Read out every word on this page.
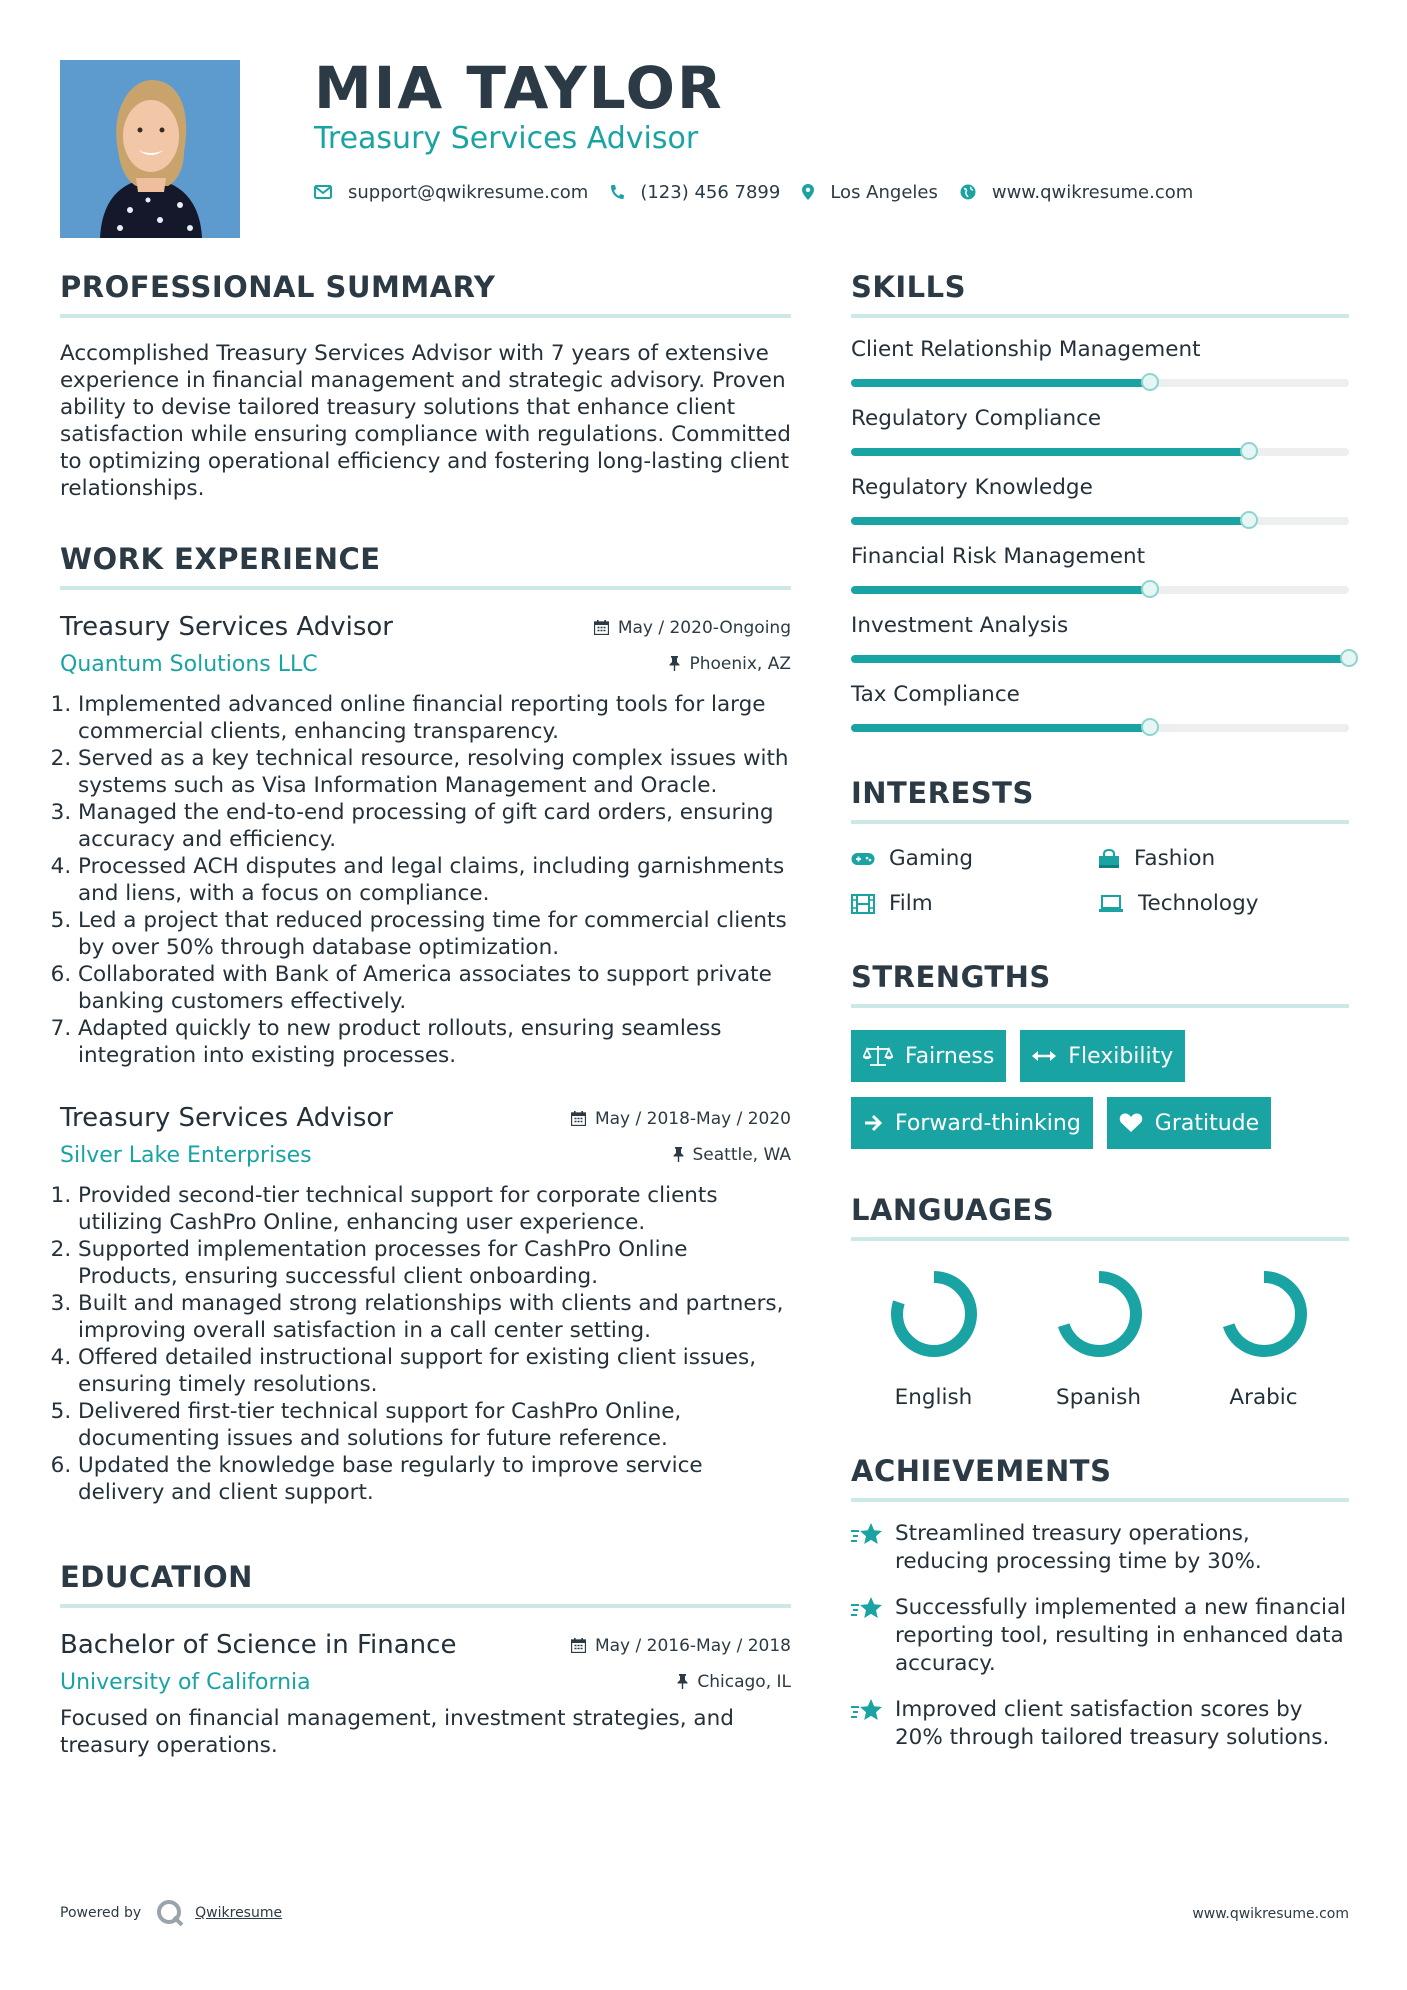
MIA TAYLOR
Treasury Services Advisor
support@qwikresume.com	(123) 456 7899	Los Angeles	www.qwikresume.com
PROFESSIONAL SUMMARY
Accomplished Treasury Services Advisor with 7 years of extensive experience in financial management and strategic advisory. Proven ability to devise tailored treasury solutions that enhance client satisfaction while ensuring compliance with regulations. Committed to optimizing operational efficiency and fostering long-lasting client relationships.
WORK EXPERIENCE
Treasury Services Advisor	May / 2020-Ongoing
Quantum Solutions LLC	Phoenix, AZ
1. Implemented advanced online financial reporting tools for large commercial clients, enhancing transparency.
2. Served as a key technical resource, resolving complex issues with systems such as Visa Information Management and Oracle.
3. Managed the end-to-end processing of gift card orders, ensuring accuracy and efficiency.
4. Processed ACH disputes and legal claims, including garnishments and liens, with a focus on compliance.
5. Led a project that reduced processing time for commercial clients by over 50% through database optimization.
6. Collaborated with Bank of America associates to support private banking customers effectively.
7. Adapted quickly to new product rollouts, ensuring seamless integration into existing processes.
Treasury Services Advisor	May / 2018-May / 2020
Silver Lake Enterprises	Seattle, WA
1. Provided second-tier technical support for corporate clients utilizing CashPro Online, enhancing user experience.
2. Supported implementation processes for CashPro Online Products, ensuring successful client onboarding.
3. Built and managed strong relationships with clients and partners, improving overall satisfaction in a call center setting.
4. Offered detailed instructional support for existing client issues, ensuring timely resolutions.
5. Delivered first-tier technical support for CashPro Online, documenting issues and solutions for future reference.
6. Updated the knowledge base regularly to improve service delivery and client support.
EDUCATION
Bachelor of Science in Finance	May / 2016-May / 2018
University of California	Chicago, IL
Focused on financial management, investment strategies, and treasury operations.
SKILLS
Client Relationship Management
Regulatory Compliance
Regulatory Knowledge
Financial Risk Management
Investment Analysis
Tax Compliance
INTERESTS
Gaming	Fashion
Film	Technology
STRENGTHS
Fairness	Flexibility
Forward-thinking	Gratitude
LANGUAGES
English	Spanish	Arabic
ACHIEVEMENTS
Streamlined treasury operations, reducing processing time by 30%.
Successfully implemented a new financial reporting tool, resulting in enhanced data accuracy.
Improved client satisfaction scores by 20% through tailored treasury solutions.
Powered by	Qwikresume	www.qwikresume.com
